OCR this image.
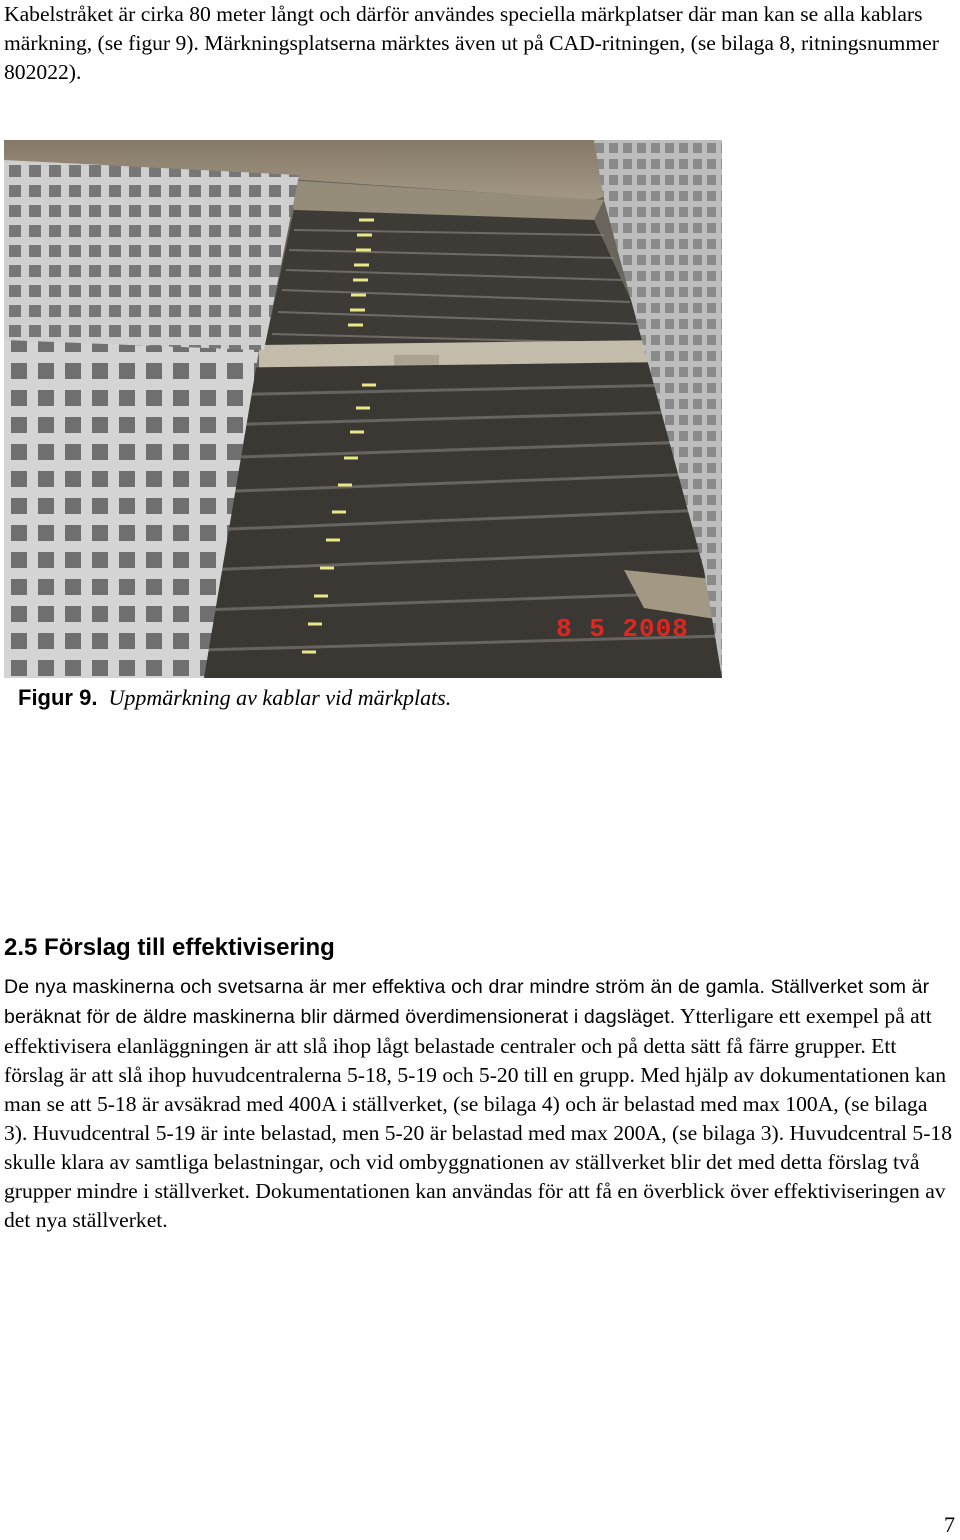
Kabelstråket är cirka 80 meter långt och därför användes speciella märkplatser där man kan se alla kablars märkning, (se figur 9). Märkningsplatserna märktes även ut på CAD-ritningen, (se bilaga 8, ritningsnummer 802022).

8 5 2008

Figur 9. Uppmärkning av kablar vid märkplats.

2.5 Förslag till effektivisering

De nya maskinerna och svetsarna är mer effektiva och drar mindre ström än de gamla. Ställverket som är beräknat för de äldre maskinerna blir därmed överdimensionerat i dagsläget. Ytterligare ett exempel på att effektivisera elanläggningen är att slå ihop lågt belastade centraler och på detta sätt få färre grupper. Ett förslag är att slå ihop huvudcentralerna 5-18, 5-19 och 5-20 till en grupp. Med hjälp av dokumentationen kan man se att 5-18 är avsäkrad med 400A i ställverket, (se bilaga 4) och är belastad med max 100A, (se bilaga 3). Huvudcentral 5-19 är inte belastad, men 5-20 är belastad med max 200A, (se bilaga 3). Huvudcentral 5-18 skulle klara av samtliga belastningar, och vid ombyggnationen av ställverket blir det med detta förslag två grupper mindre i ställverket. Dokumentationen kan användas för att få en överblick över effektiviseringen av det nya ställverket.

7
